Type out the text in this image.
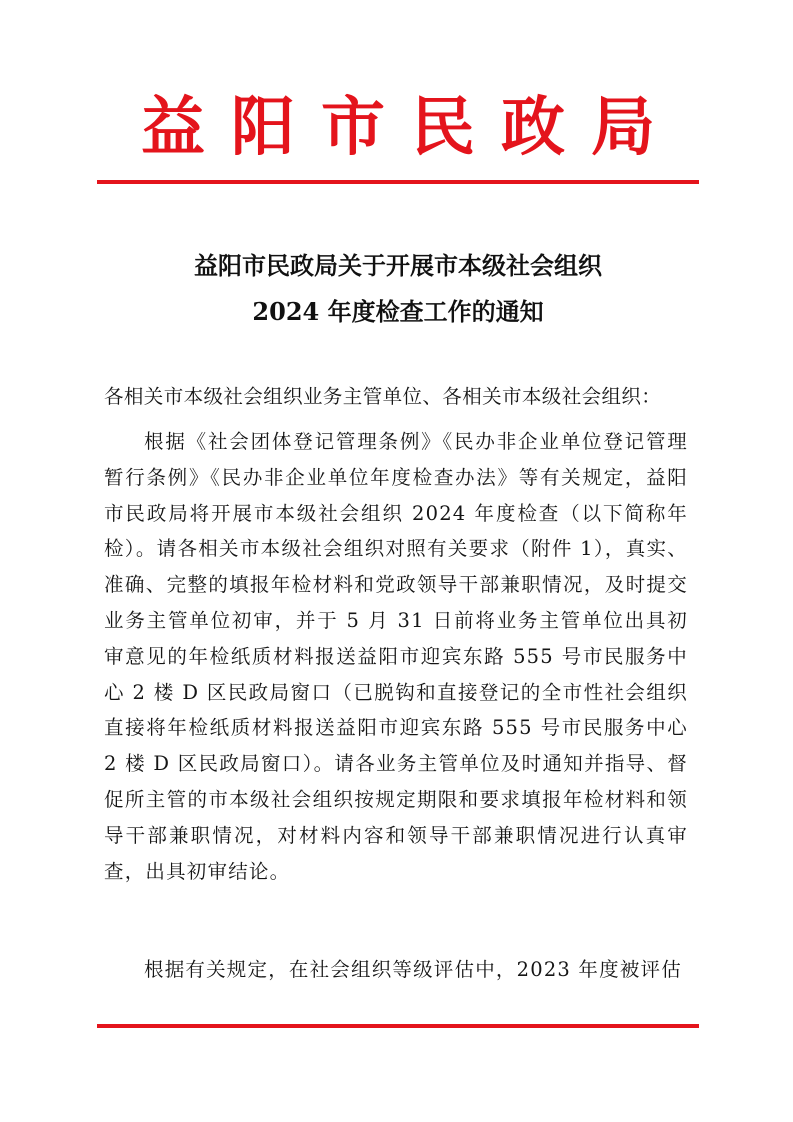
益阳市民政局
益阳市民政局关于开展市本级社会组织
2024 年度检查工作的通知
各相关市本级社会组织业务主管单位、各相关市本级社会组织：
根据《社会团体登记管理条例》《民办非企业单位登记管理暂行条例》《民办非企业单位年度检查办法》等有关规定，益阳市民政局将开展市本级社会组织 2024 年度检查（以下简称年检）。请各相关市本级社会组织对照有关要求（附件 1），真实、准确、完整的填报年检材料和党政领导干部兼职情况，及时提交业务主管单位初审，并于 5 月 31 日前将业务主管单位出具初审意见的年检纸质材料报送益阳市迎宾东路 555 号市民服务中心 2 楼 D 区民政局窗口（已脱钩和直接登记的全市性社会组织直接将年检纸质材料报送益阳市迎宾东路 555 号市民服务中心 2 楼 D 区民政局窗口）。请各业务主管单位及时通知并指导、督促所主管的市本级社会组织按规定期限和要求填报年检材料和领导干部兼职情况，对材料内容和领导干部兼职情况进行认真审查，出具初审结论。
根据有关规定，在社会组织等级评估中，2023 年度被评估
